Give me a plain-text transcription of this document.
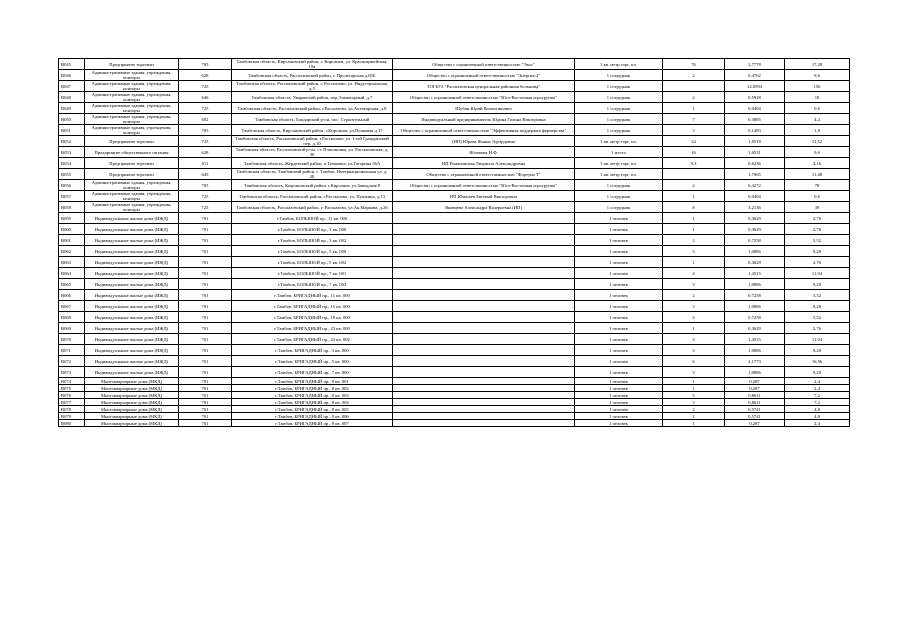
В045	Предприятие торговли	705	Тамбовская область, Кирсановский район, г. Кирсанов, ул. Красноармейская, 19а	Общество с ограниченной ответственностью "Экос"	1 кв. метр торг. пл.	76	2,7778	17,28
В046	Административные здания, учреждения, конторы	628	Тамбовская область, Рассказовский район, г. Пролетарская д.65Б	Общество с ограниченной ответственностью "Энергия-2"	1 сотрудник	2	0,4762	9,6
В047	Административные здания, учреждения, конторы	725	Тамбовская область, Рассказовский район, г. Рассказово, ул. Индустриальная, д.5	ТОГБУЗ "Рассказовская центральная районная больница"	1 сотрудник		12,8594	156
В048	Административные здания, учреждения, конторы	646	Тамбовская область, Уваровский район, пер.Элеваторный, д.7	Общество с ограниченной ответственностью "Юго-Восточная агрогруппа"	1 сотрудник	2	0,5928	18
В049	Административные здания, учреждения, конторы	725	Тамбовская область, Рассказовский район, г.Рассказово, ул.Аптекарская, д.8	Шубин Юрий Валентинович	1 сотрудник	1	0,0494	0,6
В050	Административные здания, учреждения, конторы	602	Тамбовская область, Бондарский р-он, пос. Строительный	Индивидуальный предприниматель Юдина Галина Викторовна	1 сотрудник	7	0,3885	4,2
В051	Административные здания, учреждения, конторы	705	Тамбовская область, Кирсановский район, г.Кирсанов, ул.Полковая д.17	Общество с ограниченной ответственностью "Эффективная поддержка фермерства"	1 сотрудник	3	0,1483	1,8
В052	Предприятие торговли	725	Тамбовская область, Рассказовский район, г.Рассказово, ул. 1-ый Гражданский пер. д.10	(ИП) Юрова Жанна Эдуардовна	1 кв. метр торг. пл.	24	1,8518	11,52
В053	Предприятие общественного питания	628	Тамбовская область, Рассказовский р-он, ст. Платоновка, ул. Рассказовская, д. 30	Яблокова Н.Ф.	1 место	16	1,6531	9,6
В054	Предприятие торговли	611	Тамбовская область, Жердевский район, п.Томковка, ул.Гагарина 56А	ИП Романовская Людмила Александровна	1 кв. метр торг. пл.	9,3	0,6236	4,16
В055	Предприятие торговли	645	Тамбовская область, Тамбовский район, г. Тамбов, Интернациональная ул. д. 28	Общество с ограниченной ответственностью "Фортуна Т"	1 кв. метр торг. пл.		1,7065	11,48
В056	Административные здания, учреждения, конторы	705	Тамбовская область, Кирсановский район, г.Кирсанов, ул.Заводская 8	Общество с ограниченной ответственностью "Юго-Восточная агрогруппа"	1 сотрудник	2	6,4272	78
В057	Административные здания, учреждения, конторы	725	Тамбовская область, Рассказовский район, г.Рассказово, ул. Пушкина, д.13	ИП Юмашев Евгений Викторович	1 сотрудник	1	0,0494	0,6
В058	Административные здания, учреждения, конторы	725	Тамбовская область, Рассказовский район, г. Рассказово, ул.Ак.Маркова, д.26	Яковцева Александра Валерьевна (ИП)	1 сотрудник	8	3,2136	39
В059	Индивидуальные жилые дома (ИЖД)	701	г.Тамбов, БОЛЬШОЙ пр., 11 кв. 000		1 человек	1	0,3629	2,76
В060	Индивидуальные жилые дома (ИЖД)	701	г.Тамбов, БОЛЬШОЙ пр., 3 кв. 000		1 человек	1	0,3629	2,76
В061	Индивидуальные жилые дома (ИЖД)	701	г.Тамбов, БОЛЬШОЙ пр., 3 кв. 002		1 человек	2	0,7258	5,52
В062	Индивидуальные жилые дома (ИЖД)	701	г.Тамбов, БОЛЬШОЙ пр., 5 кв. 000		1 человек	3	1,0886	8,28
В063	Индивидуальные жилые дома (ИЖД)	701	г.Тамбов, БОЛЬШОЙ пр., 5 кв. 002		1 человек	1	0,3629	2,76
В064	Индивидуальные жилые дома (ИЖД)	701	г.Тамбов, БОЛЬШОЙ пр., 7 кв. 001		1 человек	4	1,4515	11,04
В065	Индивидуальные жилые дома (ИЖД)	701	г.Тамбов, БОЛЬШОЙ пр., 7 кв. 003		1 человек	3	1,0886	8,28
В066	Индивидуальные жилые дома (ИЖД)	701	г.Тамбов, БРИГАДНЫЙ пр., 11 кв. 000		1 человек	2	0,7258	5,52
В067	Индивидуальные жилые дома (ИЖД)	701	г.Тамбов, БРИГАДНЫЙ пр., 15 кв. 000		1 человек	3	1,0886	8,28
В068	Индивидуальные жилые дома (ИЖД)	701	г.Тамбов, БРИГАДНЫЙ пр., 19 кв. 000		1 человек	2	0,7258	5,52
В069	Индивидуальные жилые дома (ИЖД)	701	г.Тамбов, БРИГАДНЫЙ пр., 23 кв. 000		1 человек	1	0,3629	2,76
В070	Индивидуальные жилые дома (ИЖД)	701	г.Тамбов, БРИГАДНЫЙ пр., 23 кв. 002		1 человек	4	1,4515	11,04
В071	Индивидуальные жилые дома (ИЖД)	701	г.Тамбов, БРИГАДНЫЙ пр., 3 кв. 000		1 человек	3	1,0886	8,28
В072	Индивидуальные жилые дома (ИЖД)	701	г.Тамбов, БРИГАДНЫЙ пр., 5 кв. 000		1 человек	6	2,1773	16,56
В073	Индивидуальные жилые дома (ИЖД)	701	г.Тамбов, БРИГАДНЫЙ пр., 7 кв. 000		1 человек	3	1,0886	8,28
В074	Многоквартирные дома (МКД)	701	г.Тамбов, БРИГАДНЫЙ пр., 8 кв. 001		1 человек	1	0,287	2,4
В075	Многоквартирные дома (МКД)	701	г.Тамбов, БРИГАДНЫЙ пр., 8 кв. 002		1 человек	1	0,287	2,4
В076	Многоквартирные дома (МКД)	701	г.Тамбов, БРИГАДНЫЙ пр., 8 кв. 003		1 человек	3	0,8611	7,2
В077	Многоквартирные дома (МКД)	701	г.Тамбов, БРИГАДНЫЙ пр., 8 кв. 004		1 человек	3	0,8611	7,2
В078	Многоквартирные дома (МКД)	701	г.Тамбов, БРИГАДНЫЙ пр., 8 кв. 005		1 человек	2	0,5741	4,8
В079	Многоквартирные дома (МКД)	701	г.Тамбов, БРИГАДНЫЙ пр., 8 кв. 006		1 человек	2	0,5741	4,8
В080	Многоквартирные дома (МКД)	701	г.Тамбов, БРИГАДНЫЙ пр., 8 кв. 007		1 человек	1	0,287	2,4
